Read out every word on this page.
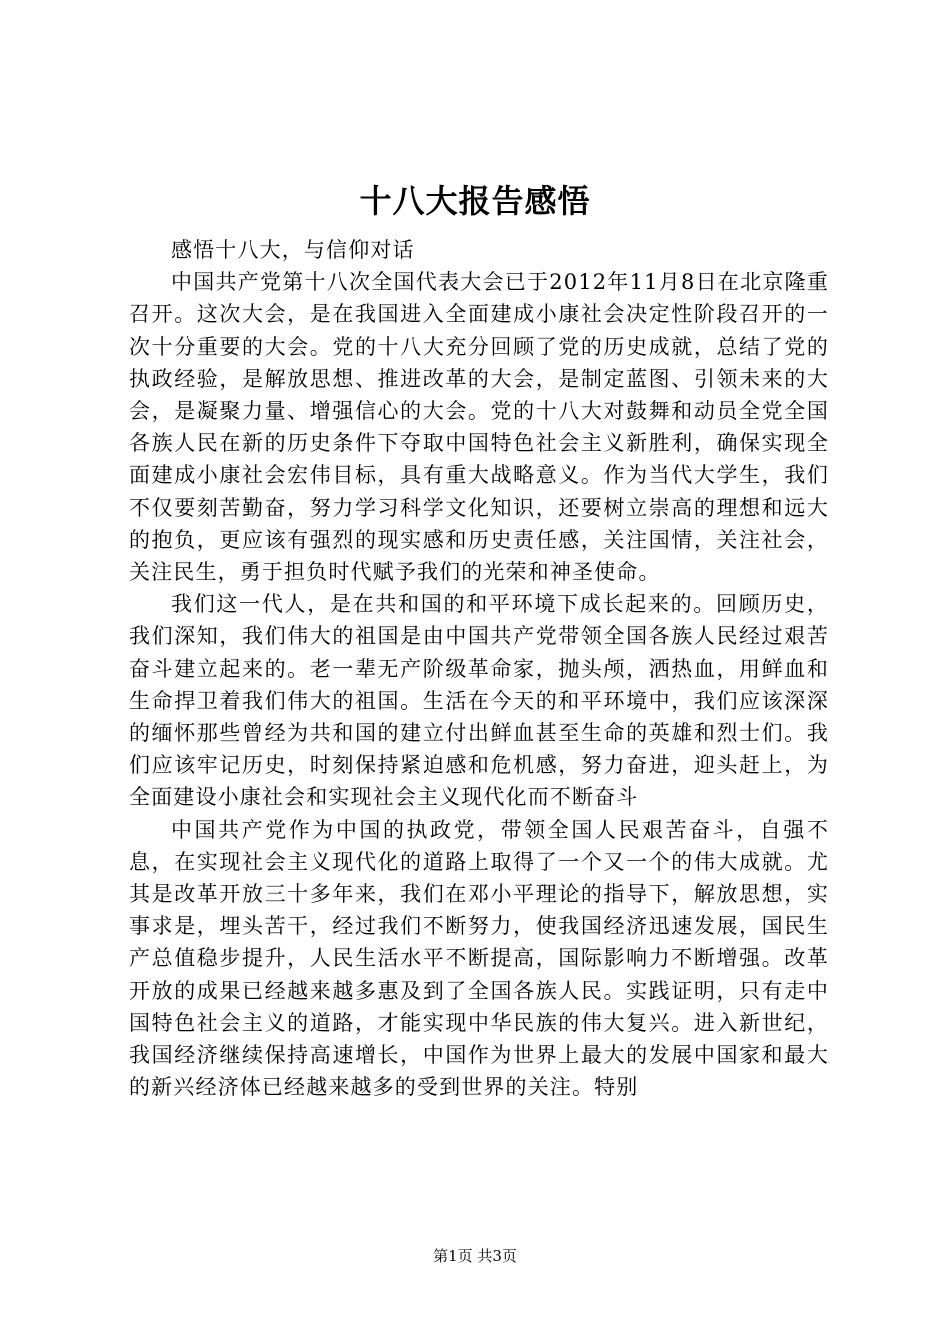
十八大报告感悟

感悟十八大，与信仰对话

中国共产党第十八次全国代表大会已于2012年11月8日在北京隆重召开。这次大会，是在我国进入全面建成小康社会决定性阶段召开的一次十分重要的大会。党的十八大充分回顾了党的历史成就，总结了党的执政经验，是解放思想、推进改革的大会，是制定蓝图、引领未来的大会，是凝聚力量、增强信心的大会。党的十八大对鼓舞和动员全党全国各族人民在新的历史条件下夺取中国特色社会主义新胜利，确保实现全面建成小康社会宏伟目标，具有重大战略意义。作为当代大学生，我们不仅要刻苦勤奋，努力学习科学文化知识，还要树立崇高的理想和远大的抱负，更应该有强烈的现实感和历史责任感，关注国情，关注社会，关注民生，勇于担负时代赋予我们的光荣和神圣使命。

我们这一代人，是在共和国的和平环境下成长起来的。回顾历史，我们深知，我们伟大的祖国是由中国共产党带领全国各族人民经过艰苦奋斗建立起来的。老一辈无产阶级革命家，抛头颅，洒热血，用鲜血和生命捍卫着我们伟大的祖国。生活在今天的和平环境中，我们应该深深的缅怀那些曾经为共和国的建立付出鲜血甚至生命的英雄和烈士们。我们应该牢记历史，时刻保持紧迫感和危机感，努力奋进，迎头赶上，为全面建设小康社会和实现社会主义现代化而不断奋斗

中国共产党作为中国的执政党，带领全国人民艰苦奋斗，自强不息，在实现社会主义现代化的道路上取得了一个又一个的伟大成就。尤其是改革开放三十多年来，我们在邓小平理论的指导下，解放思想，实事求是，埋头苦干，经过我们不断努力，使我国经济迅速发展，国民生产总值稳步提升，人民生活水平不断提高，国际影响力不断增强。改革开放的成果已经越来越多惠及到了全国各族人民。实践证明，只有走中国特色社会主义的道路，才能实现中华民族的伟大复兴。进入新世纪，我国经济继续保持高速增长，中国作为世界上最大的发展中国家和最大的新兴经济体已经越来越多的受到世界的关注。特别

第1页 共3页
